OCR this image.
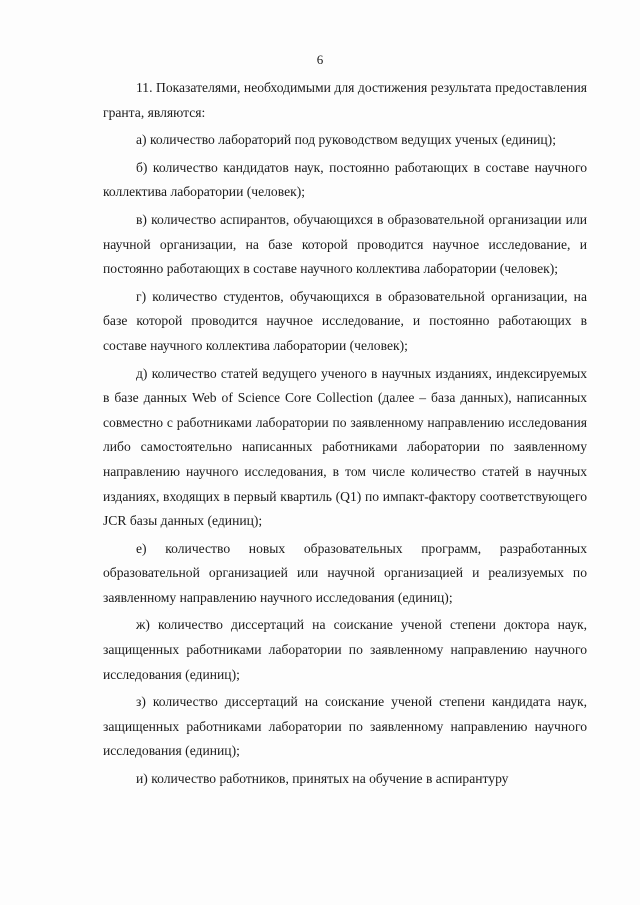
6

11. Показателями, необходимыми для достижения результата предоставления гранта, являются:

а) количество лабораторий под руководством ведущих ученых (единиц);

б) количество кандидатов наук, постоянно работающих в составе научного коллектива лаборатории (человек);

в) количество аспирантов, обучающихся в образовательной организации или научной организации, на базе которой проводится научное исследование, и постоянно работающих в составе научного коллектива лаборатории (человек);

г) количество студентов, обучающихся в образовательной организации, на базе которой проводится научное исследование, и постоянно работающих в составе научного коллектива лаборатории (человек);

д) количество статей ведущего ученого в научных изданиях, индексируемых в базе данных Web of Science Core Collection (далее – база данных), написанных совместно с работниками лаборатории по заявленному направлению исследования либо самостоятельно написанных работниками лаборатории по заявленному направлению научного исследования, в том числе количество статей в научных изданиях, входящих в первый квартиль (Q1) по импакт-фактору соответствующего JCR базы данных (единиц);

е) количество новых образовательных программ, разработанных образовательной организацией или научной организацией и реализуемых по заявленному направлению научного исследования (единиц);

ж) количество диссертаций на соискание ученой степени доктора наук, защищенных работниками лаборатории по заявленному направлению научного исследования (единиц);

з) количество диссертаций на соискание ученой степени кандидата наук, защищенных работниками лаборатории по заявленному направлению научного исследования (единиц);

и) количество работников, принятых на обучение в аспирантуру
